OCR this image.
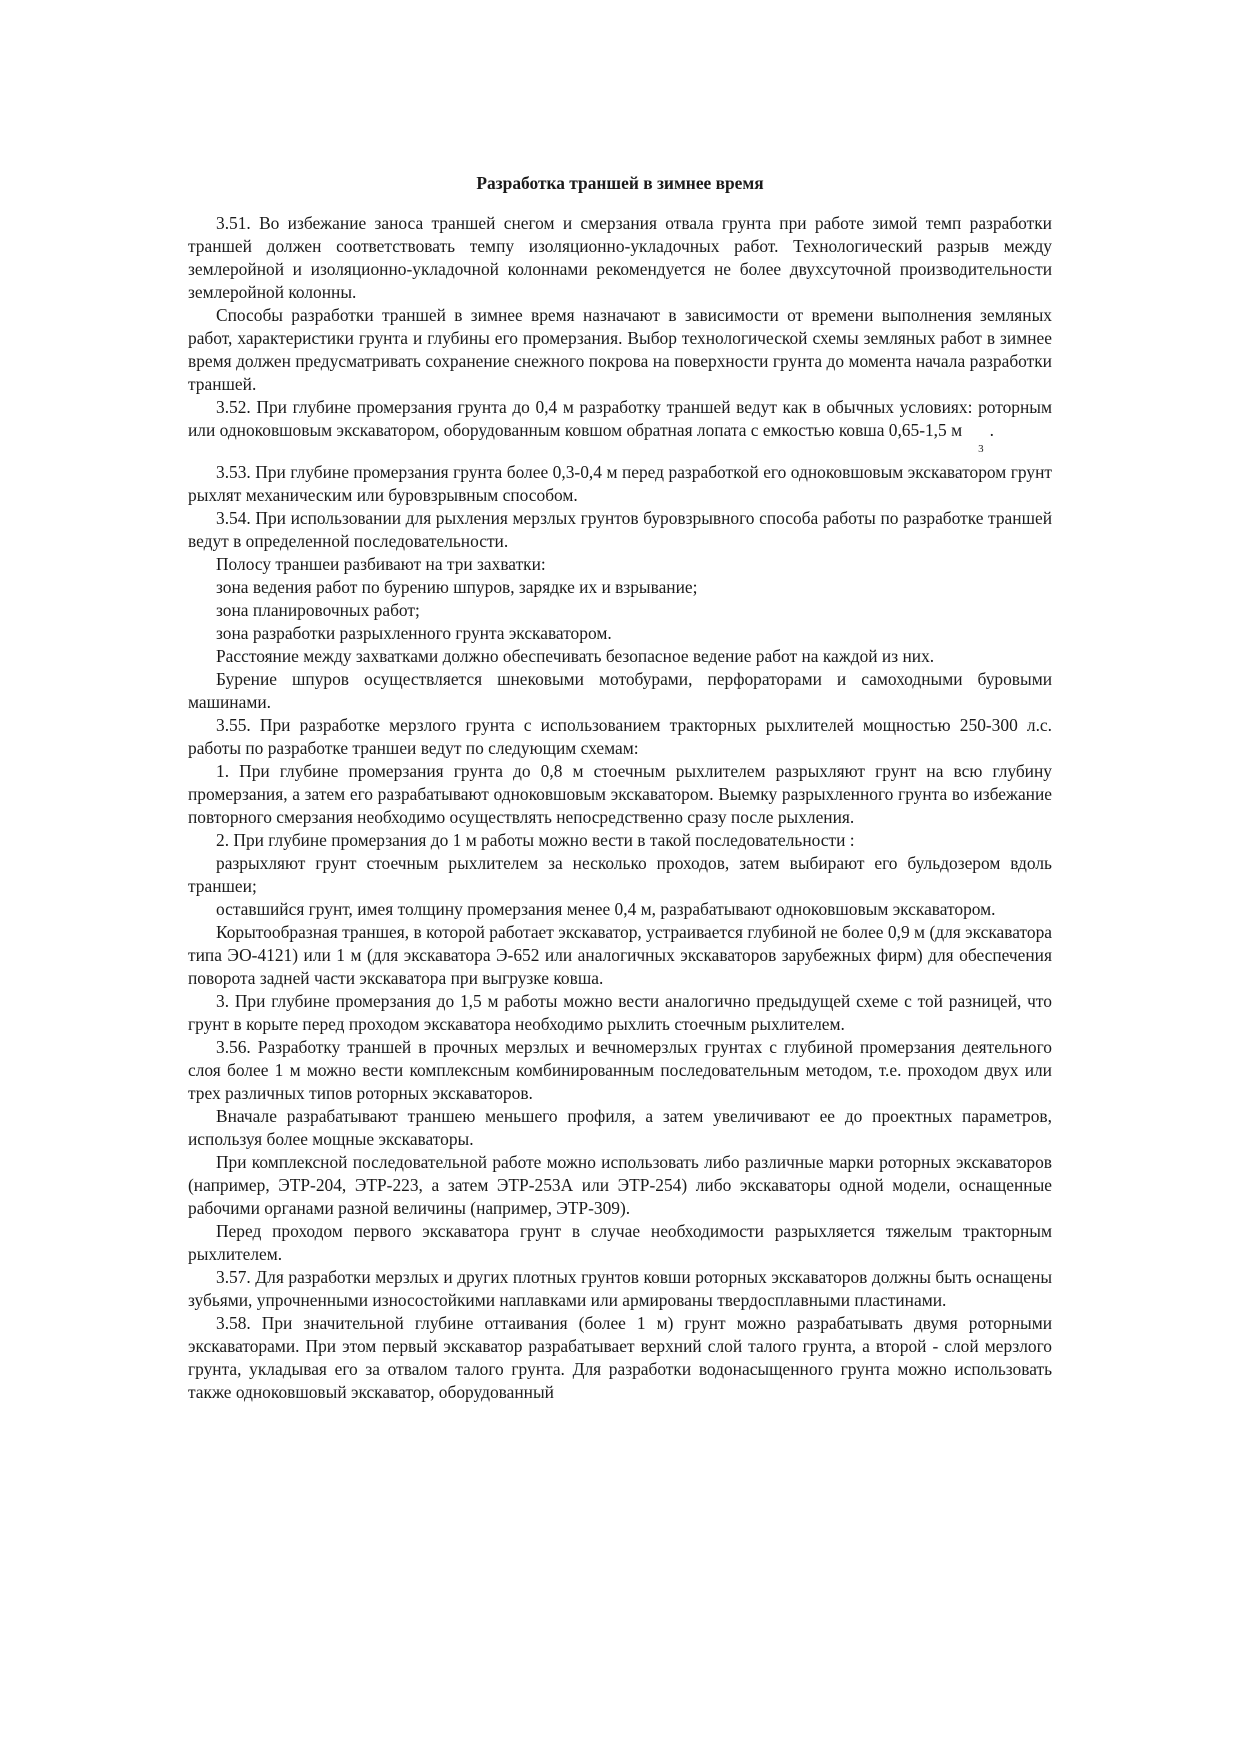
Разработка траншей в зимнее время

3.51. Во избежание заноса траншей снегом и смерзания отвала грунта при работе зимой темп разработки траншей должен соответствовать темпу изоляционно-укладочных работ. Технологический разрыв между землеройной и изоляционно-укладочной колоннами рекомендуется не более двухсуточной производительности землеройной колонны.

Способы разработки траншей в зимнее время назначают в зависимости от времени выполнения земляных работ, характеристики грунта и глубины его промерзания. Выбор технологической схемы земляных работ в зимнее время должен предусматривать сохранение снежного покрова на поверхности грунта до момента начала разработки траншей.

3.52. При глубине промерзания грунта до 0,4 м разработку траншей ведут как в обычных условиях: роторным или одноковшовым экскаватором, оборудованным ковшом обратная лопата с емкостью ковша 0,65-1,5 $м_3$.

3.53. При глубине промерзания грунта более 0,3-0,4 м перед разработкой его одноковшовым экскаватором грунт рыхлят механическим или буровзрывным способом.

3.54. При использовании для рыхления мерзлых грунтов буровзрывного способа работы по разработке траншей ведут в определенной последовательности.

Полосу траншеи разбивают на три захватки:

зона ведения работ по бурению шпуров, зарядке их и взрывание;

зона планировочных работ;

зона разработки разрыхленного грунта экскаватором.

Расстояние между захватками должно обеспечивать безопасное ведение работ на каждой из них.

Бурение шпуров осуществляется шнековыми мотобурами, перфораторами и самоходными буровыми машинами.

3.55. При разработке мерзлого грунта с использованием тракторных рыхлителей мощностью 250-300 л.с. работы по разработке траншеи ведут по следующим схемам:

1. При глубине промерзания грунта до 0,8 м стоечным рыхлителем разрыхляют грунт на всю глубину промерзания, а затем его разрабатывают одноковшовым экскаватором. Выемку разрыхленного грунта во избежание повторного смерзания необходимо осуществлять непосредственно сразу после рыхления.

2. При глубине промерзания до 1 м работы можно вести в такой последовательности :

разрыхляют грунт стоечным рыхлителем за несколько проходов, затем выбирают его бульдозером вдоль траншеи;

оставшийся грунт, имея толщину промерзания менее 0,4 м, разрабатывают одноковшовым экскаватором.

Корытообразная траншея, в которой работает экскаватор, устраивается глубиной не более 0,9 м (для экскаватора типа ЭО-4121) или 1 м (для экскаватора Э-652 или аналогичных экскаваторов зарубежных фирм) для обеспечения поворота задней части экскаватора при выгрузке ковша.

3. При глубине промерзания до 1,5 м работы можно вести аналогично предыдущей схеме с той разницей, что грунт в корыте перед проходом экскаватора необходимо рыхлить стоечным рыхлителем.

3.56. Разработку траншей в прочных мерзлых и вечномерзлых грунтах с глубиной промерзания деятельного слоя более 1 м можно вести комплексным комбинированным последовательным методом, т.е. проходом двух или трех различных типов роторных экскаваторов.

Вначале разрабатывают траншею меньшего профиля, а затем увеличивают ее до проектных параметров, используя более мощные экскаваторы.

При комплексной последовательной работе можно использовать либо различные марки роторных экскаваторов (например, ЭТР-204, ЭТР-223, а затем ЭТР-253А или ЭТР-254) либо экскаваторы одной модели, оснащенные рабочими органами разной величины (например, ЭТР-309).

Перед проходом первого экскаватора грунт в случае необходимости разрыхляется тяжелым тракторным рыхлителем.

3.57. Для разработки мерзлых и других плотных грунтов ковши роторных экскаваторов должны быть оснащены зубьями, упрочненными износостойкими наплавками или армированы твердосплавными пластинами.

3.58. При значительной глубине оттаивания (более 1 м) грунт можно разрабатывать двумя роторными экскаваторами. При этом первый экскаватор разрабатывает верхний слой талого грунта, а второй - слой мерзлого грунта, укладывая его за отвалом талого грунта. Для разработки водонасыщенного грунта можно использовать также одноковшовый экскаватор, оборудованный
